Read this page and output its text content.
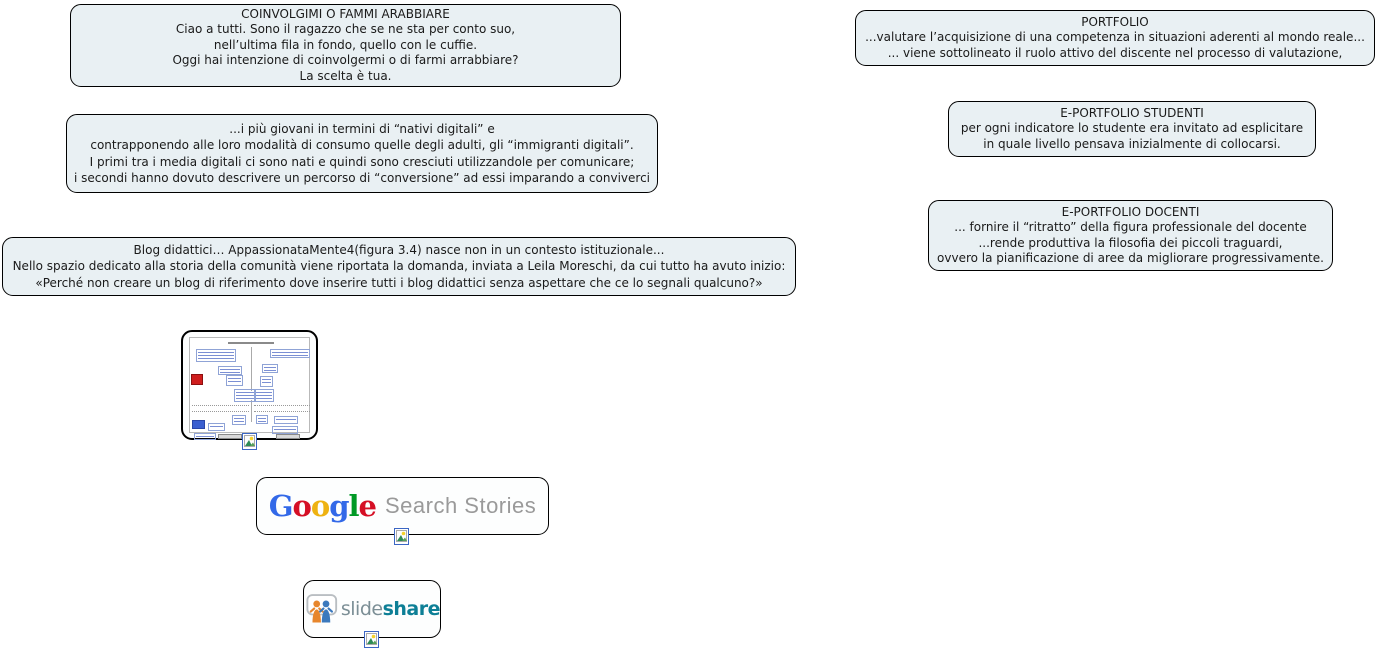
COINVOLGIMI O FAMMI ARABBIARE
Ciao a tutti. Sono il ragazzo che se ne sta per conto suo,
nell’ultima fila in fondo, quello con le cuffie.
Oggi hai intenzione di coinvolgermi o di farmi arrabbiare?
La scelta è tua.
...i più giovani in termini di “nativi digitali” e
contrapponendo alle loro modalità di consumo quelle degli adulti, gli “immigranti digitali”.
I primi tra i media digitali ci sono nati e quindi sono cresciuti utilizzandole per comunicare;
i secondi hanno dovuto descrivere un percorso di “conversione” ad essi imparando a conviverci
Blog didattici… AppassionataMente4(figura 3.4) nasce non in un contesto istituzionale...
Nello spazio dedicato alla storia della comunità viene riportata la domanda, inviata a Leila Moreschi, da cui tutto ha avuto inizio:
«Perché non creare un blog di riferimento dove inserire tutti i blog didattici senza aspettare che ce lo segnali qualcuno?»
PORTFOLIO
...valutare l’acquisizione di una competenza in situazioni aderenti al mondo reale...
... viene sottolineato il ruolo attivo del discente nel processo di valutazione,
E-PORTFOLIO STUDENTI
per ogni indicatore lo studente era invitato ad esplicitare
in quale livello pensava inizialmente di collocarsi.
E-PORTFOLIO DOCENTI
... fornire il “ritratto” della figura professionale del docente
...rende produttiva la filosofia dei piccoli traguardi,
ovvero la pianificazione di aree da migliorare progressivamente.
Google Search Stories
slide share
